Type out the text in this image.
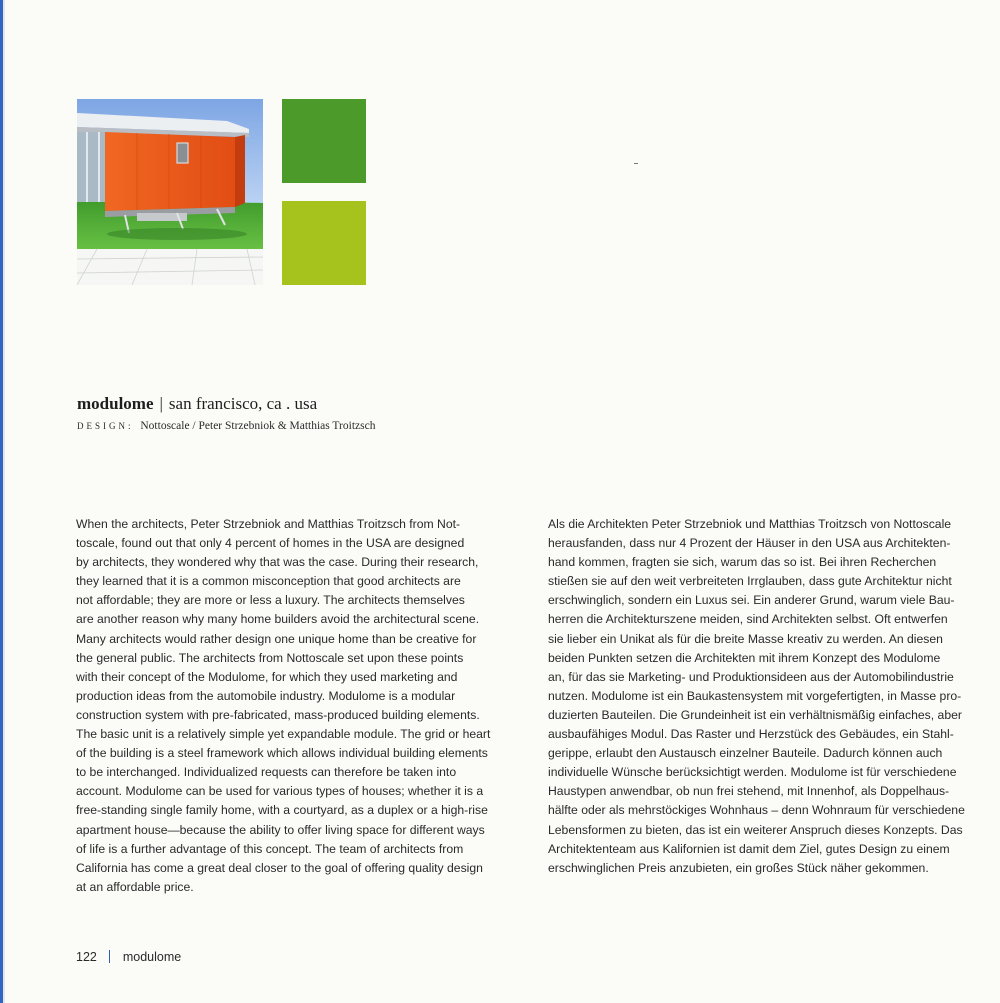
modulome | san francisco, ca . usa
DESIGN: Nottoscale / Peter Strzebniok & Matthias Troitzsch
When the architects, Peter Strzebniok and Matthias Troitzsch from Not-
toscale, found out that only 4 percent of homes in the USA are designed
by architects, they wondered why that was the case. During their research,
they learned that it is a common misconception that good architects are
not affordable; they are more or less a luxury. The architects themselves
are another reason why many home builders avoid the architectural scene.
Many architects would rather design one unique home than be creative for
the general public. The architects from Nottoscale set upon these points
with their concept of the Modulome, for which they used marketing and
production ideas from the automobile industry. Modulome is a modular
construction system with pre-fabricated, mass-produced building elements.
The basic unit is a relatively simple yet expandable module. The grid or heart
of the building is a steel framework which allows individual building elements
to be interchanged. Individualized requests can therefore be taken into
account. Modulome can be used for various types of houses; whether it is a
free-standing single family home, with a courtyard, as a duplex or a high-rise
apartment house—because the ability to offer living space for different ways
of life is a further advantage of this concept. The team of architects from
California has come a great deal closer to the goal of offering quality design
at an affordable price.
Als die Architekten Peter Strzebniok und Matthias Troitzsch von Nottoscale
herausfanden, dass nur 4 Prozent der Häuser in den USA aus Architekten-
hand kommen, fragten sie sich, warum das so ist. Bei ihren Recherchen
stießen sie auf den weit verbreiteten Irrglauben, dass gute Architektur nicht
erschwinglich, sondern ein Luxus sei. Ein anderer Grund, warum viele Bau-
herren die Architekturszene meiden, sind Architekten selbst. Oft entwerfen
sie lieber ein Unikat als für die breite Masse kreativ zu werden. An diesen
beiden Punkten setzen die Architekten mit ihrem Konzept des Modulome
an, für das sie Marketing- und Produktionsideen aus der Automobilindustrie
nutzen. Modulome ist ein Baukastensystem mit vorgefertigten, in Masse pro-
duzierten Bauteilen. Die Grundeinheit ist ein verhältnismäßig einfaches, aber
ausbaufähiges Modul. Das Raster und Herzstück des Gebäudes, ein Stahl-
gerippe, erlaubt den Austausch einzelner Bauteile. Dadurch können auch
individuelle Wünsche berücksichtigt werden. Modulome ist für verschiedene
Haustypen anwendbar, ob nun frei stehend, mit Innenhof, als Doppelhaus-
hälfte oder als mehrstöckiges Wohnhaus – denn Wohnraum für verschiedene
Lebensformen zu bieten, das ist ein weiterer Anspruch dieses Konzepts. Das
Architektenteam aus Kalifornien ist damit dem Ziel, gutes Design zu einem
erschwinglichen Preis anzubieten, ein großes Stück näher gekommen.
122 modulome
